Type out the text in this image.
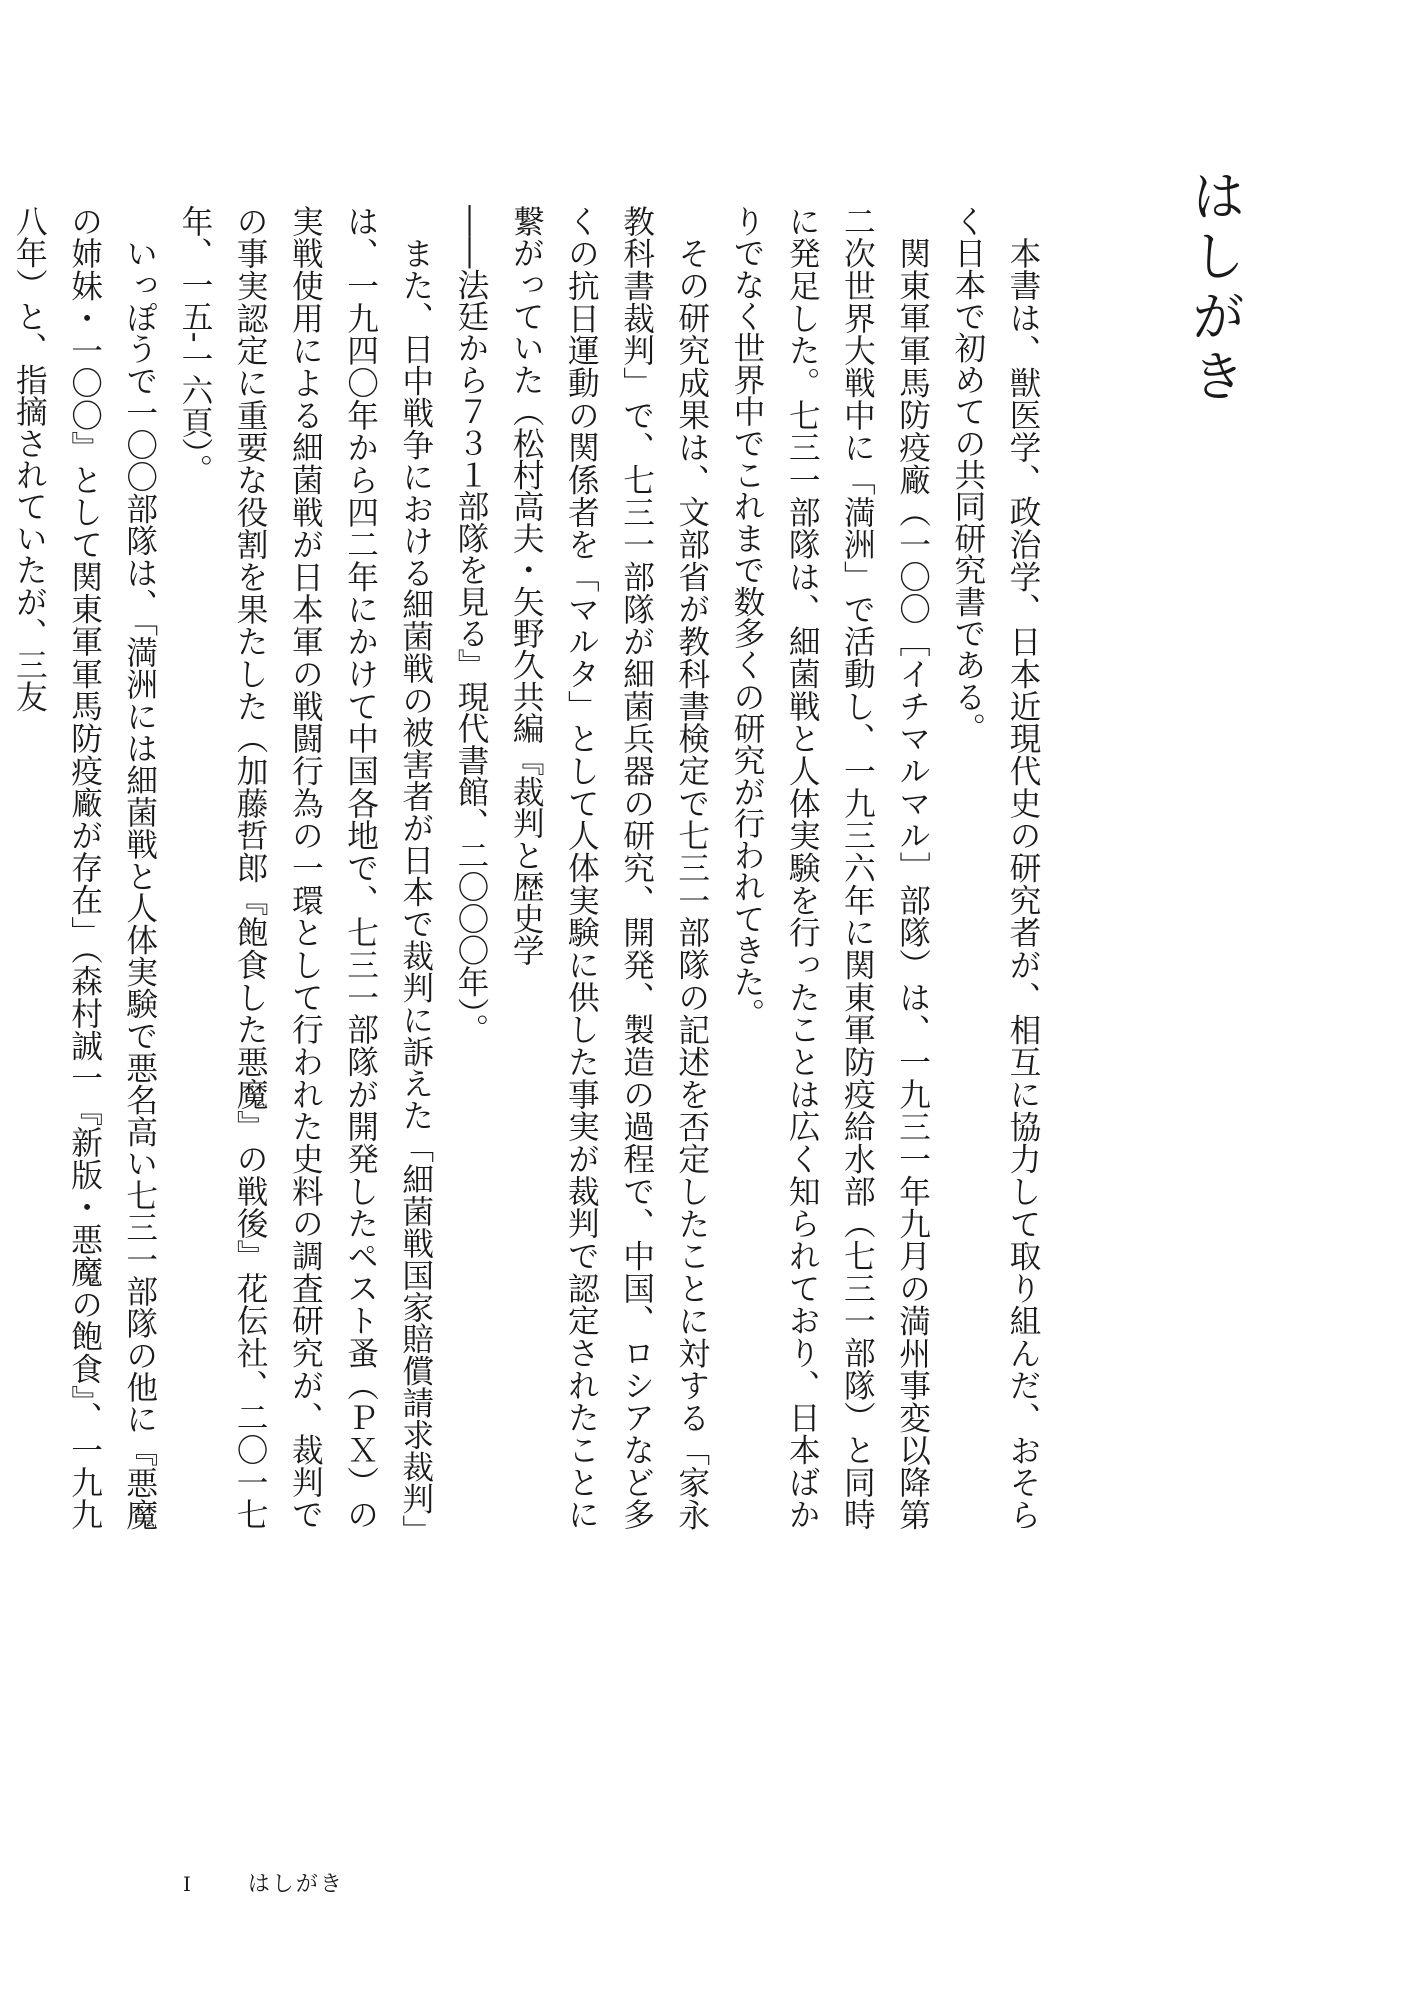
はしがき

本書は、獣医学、政治学、日本近現代史の研究者が、相互に協力して取り組んだ、おそらく日本で初めての共同研究書である。

関東軍軍馬防疫廠（一〇〇［イチマルマル］部隊）は、一九三一年九月の満州事変以降第二次世界大戦中に「満洲」で活動し、一九三六年に関東軍防疫給水部（七三一部隊）と同時に発足した。七三一部隊は、細菌戦と人体実験を行ったことは広く知られており、日本ばかりでなく世界中でこれまで数多くの研究が行われてきた。

その研究成果は、文部省が教科書検定で七三一部隊の記述を否定したことに対する「家永教科書裁判」で、七三一部隊が細菌兵器の研究、開発、製造の過程で、中国、ロシアなど多くの抗日運動の関係者を「マルタ」として人体実験に供した事実が裁判で認定されたことに繋がっていた（松村高夫・矢野久共編『裁判と歴史学

――法廷から７３１部隊を見る』現代書館、二〇〇〇年）。

また、日中戦争における細菌戦の被害者が日本で裁判に訴えた「細菌戦国家賠償請求裁判」は、一九四〇年から四二年にかけて中国各地で、七三一部隊が開発したペスト蚤（ＰＸ）の実戦使用による細菌戦が日本軍の戦闘行為の一環として行われた史料の調査研究が、裁判での事実認定に重要な役割を果たした（加藤哲郎『飽食した悪魔』の戦後』花伝社、二〇一七年、一五‐一六頁）。

いっぽうで一〇〇部隊は、「満洲には細菌戦と人体実験で悪名高い七三一部隊の他に『悪魔の姉妹・一〇〇』として関東軍軍馬防疫廠が存在」（森村誠一『新版・悪魔の飽食』、一九九八年）と、指摘されていたが、三友

I	はしがき
